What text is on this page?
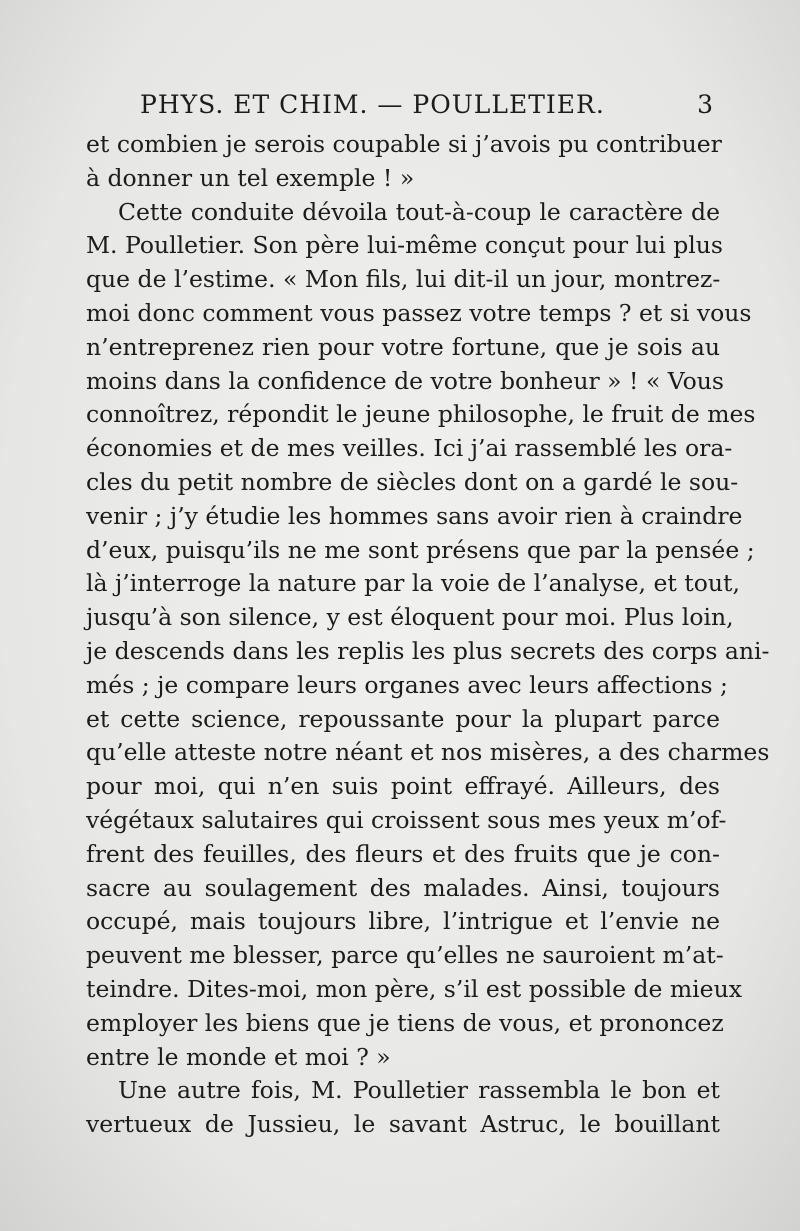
PHYS. ET CHIM. — POULLETIER.	3
et combien je serois coupable si j’avois pu contribuer
à donner un tel exemple ! »
Cette conduite dévoila tout-à-coup le caractère de
M. Poulletier. Son père lui-même conçut pour lui plus
que de l’estime. « Mon fils, lui dit-il un jour, montrez-
moi donc comment vous passez votre temps ? et si vous
n’entreprenez rien pour votre fortune, que je sois au
moins dans la confidence de votre bonheur » ! « Vous
connoîtrez, répondit le jeune philosophe, le fruit de mes
économies et de mes veilles. Ici j’ai rassemblé les ora-
cles du petit nombre de siècles dont on a gardé le sou-
venir ; j’y étudie les hommes sans avoir rien à craindre
d’eux, puisqu’ils ne me sont présens que par la pensée ;
là j’interroge la nature par la voie de l’analyse, et tout,
jusqu’à son silence, y est éloquent pour moi. Plus loin,
je descends dans les replis les plus secrets des corps ani-
més ; je compare leurs organes avec leurs affections ;
et cette science, repoussante pour la plupart parce
qu’elle atteste notre néant et nos misères, a des charmes
pour moi, qui n’en suis point effrayé. Ailleurs, des
végétaux salutaires qui croissent sous mes yeux m’of-
frent des feuilles, des fleurs et des fruits que je con-
sacre au soulagement des malades. Ainsi, toujours
occupé, mais toujours libre, l’intrigue et l’envie ne
peuvent me blesser, parce qu’elles ne sauroient m’at-
teindre. Dites-moi, mon père, s’il est possible de mieux
employer les biens que je tiens de vous, et prononcez
entre le monde et moi ? »
Une autre fois, M. Poulletier rassembla le bon et
vertueux de Jussieu, le savant Astruc, le bouillant
